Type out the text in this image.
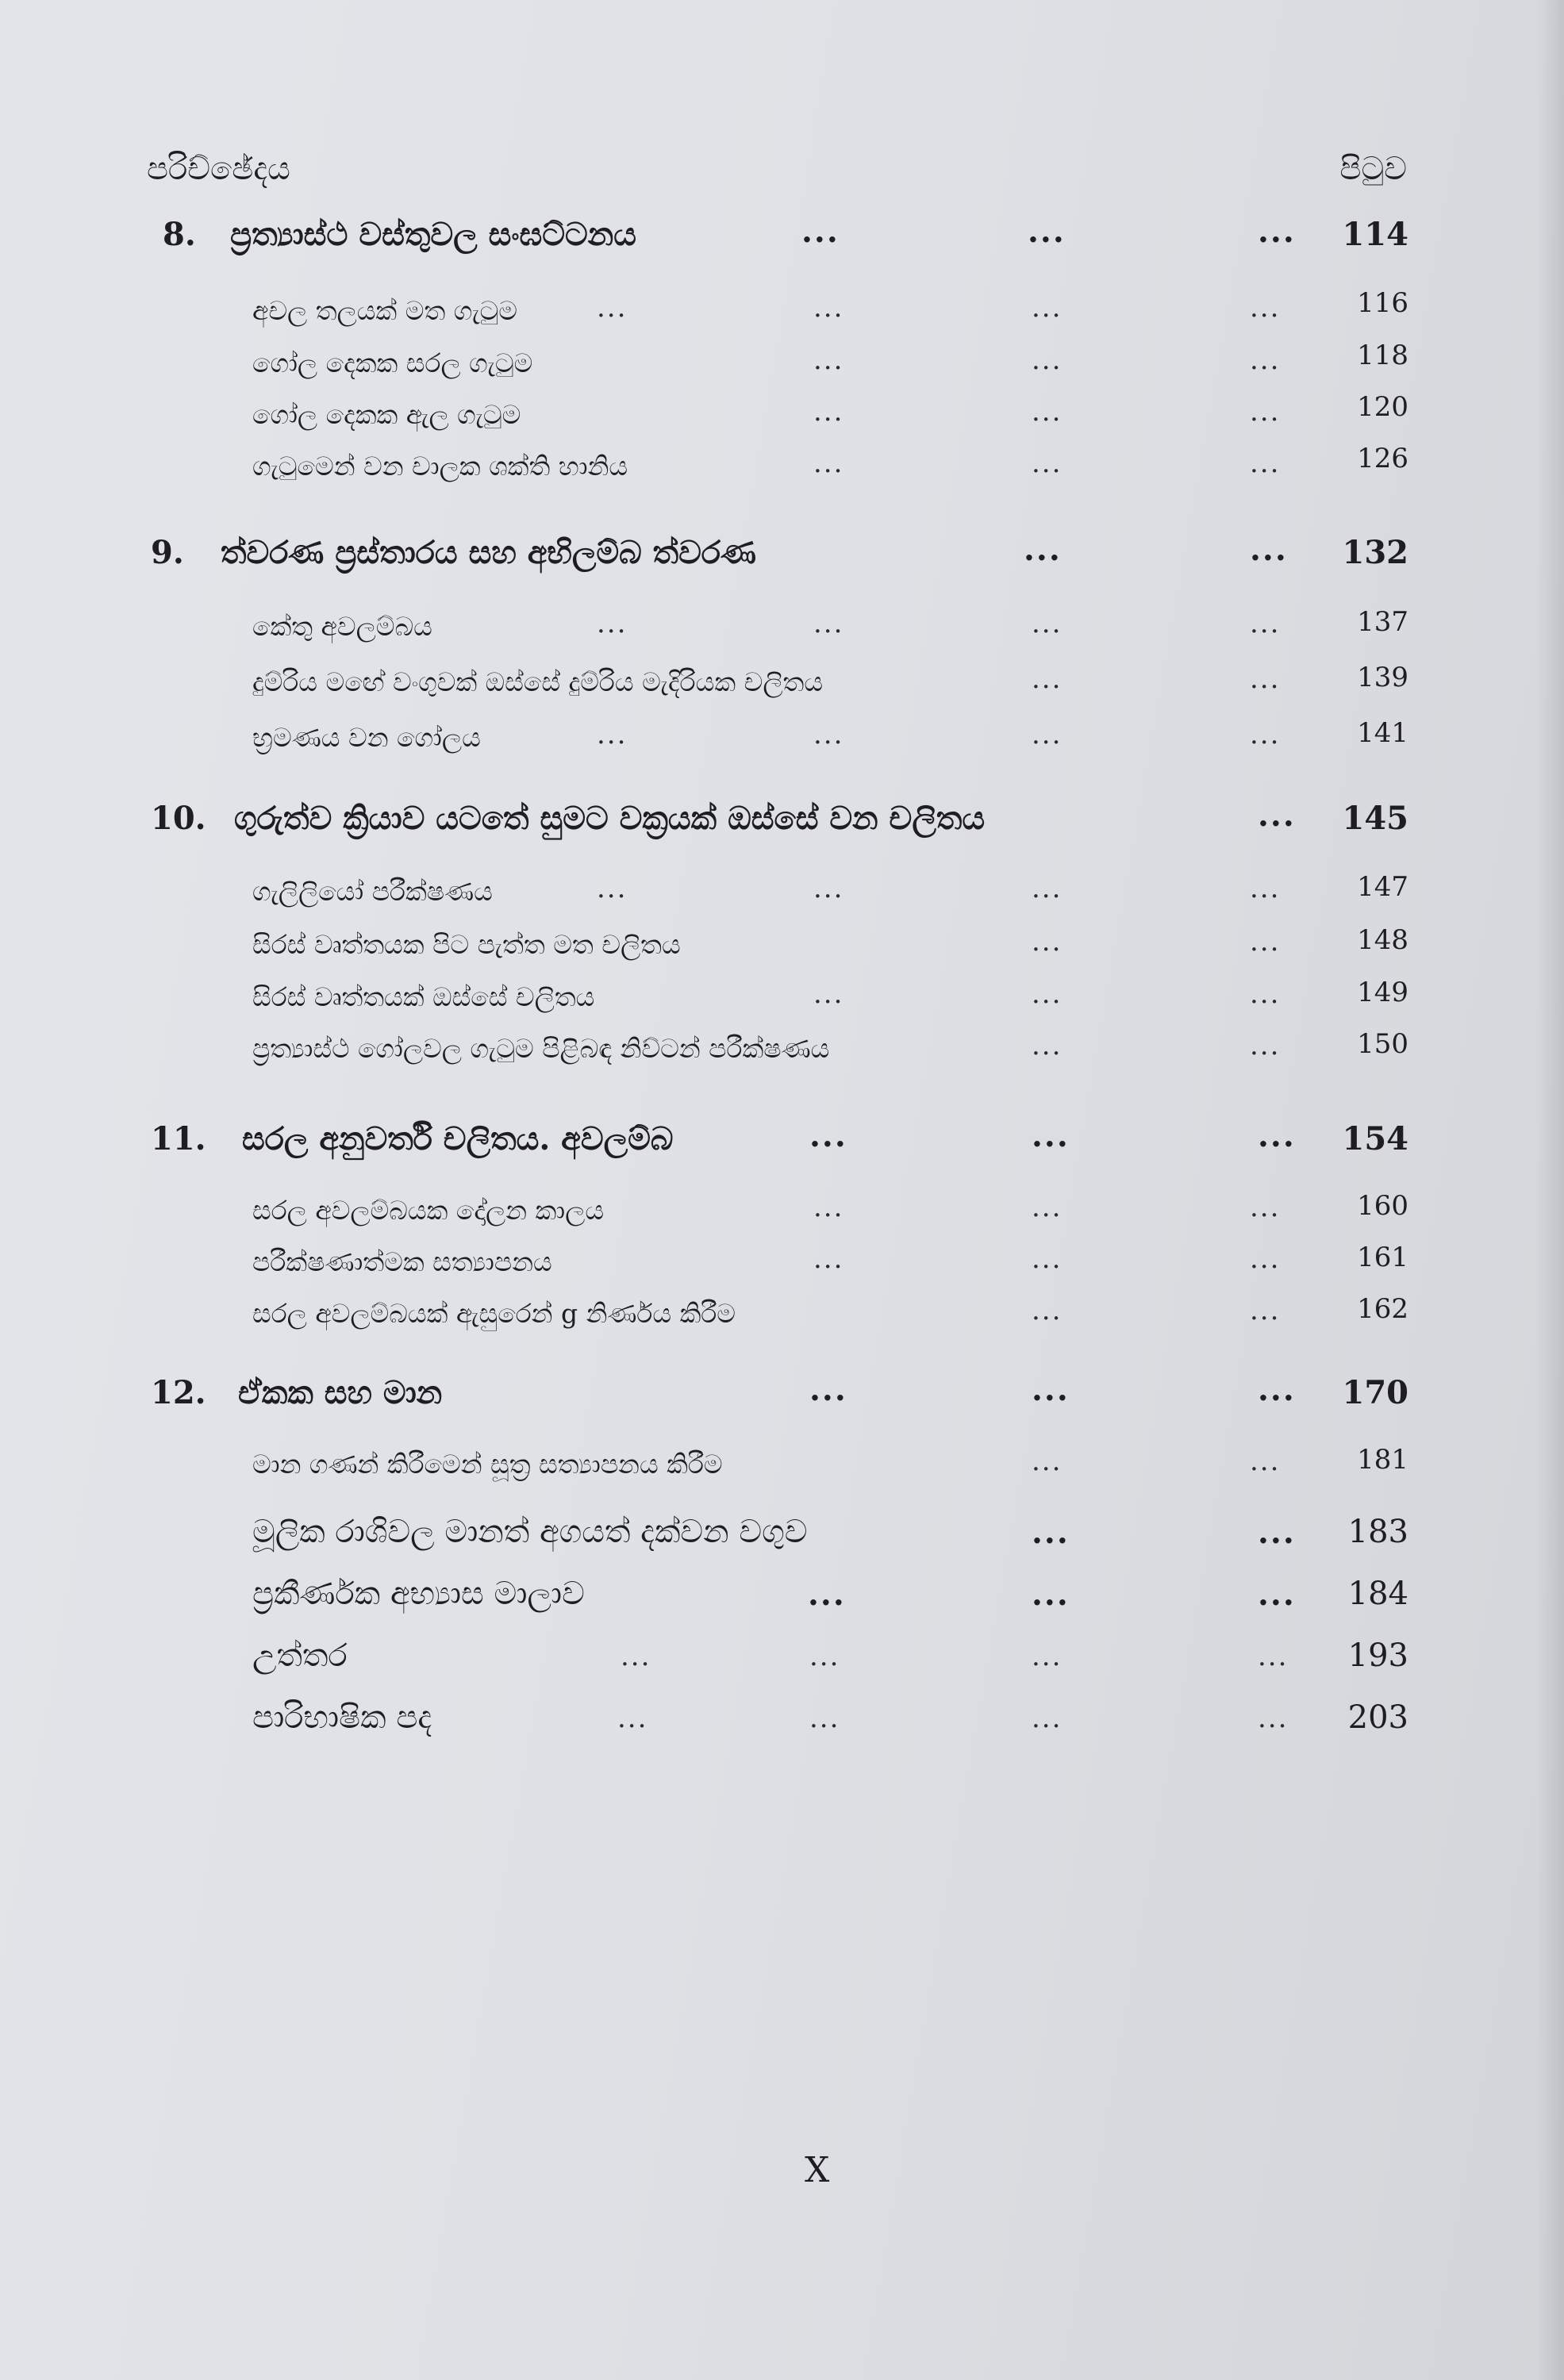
පරිච්ඡේදය	පිටුව
8. ප්‍රත්‍යාස්ථ වස්තුවල සංඝට්ටනය	...	...	...	114
අචල තලයක් මත ගැටුම	...	...	...	...	116
ගෝල දෙකක සරල ගැටුම	...	...	...	118
ගෝල දෙකක ඇල ගැටුම	...	...	...	120
ගැටුමෙන් වන චාලක ශක්ති හානිය	...	...	...	126
9. ත්වරණ ප්‍රස්තාරය සහ අභිලම්බ ත්වරණ	...	...	132
කේතු අවලම්බය	...	...	...	...	137
දුම්රිය මඟේ වංගුවක් ඔස්සේ දුම්රිය මැදිරියක චලිතය	...	...	139
භ්‍රමණය වන ගෝලය	...	...	...	...	141
10. ගුරුත්ව ක්‍රියාව යටතේ සුමට වක්‍රයක් ඔස්සේ වන චලිතය	...	145
ගැලිලියෝ පරීක්ෂණය	...	...	...	...	147
සිරස් වෘත්තයක පිට පැත්ත මත චලිතය	...	...	148
සිරස් වෘත්තයක් ඔස්සේ චලිතය	...	...	...	149
ප්‍රත්‍යාස්ථ ගෝලවල ගැටුම පිළිබඳ නිව්ටන් පරීක්ෂණය	...	...	150
11. සරල අනුවර්ති චලිතය. අවලම්බ	...	...	...	154
සරල අවලම්බයක දෝලන කාලය	...	...	...	160
පරීක්ෂණාත්මක සත්‍යාපනය	...	...	...	161
සරල අවලම්බයක් ඇසුරෙන් g නිර්ණය කිරීම	...	...	162
12. ඒකක සහ මාන	...	...	...	170
මාන ගණන් කිරීමෙන් සූත්‍ර සත්‍යාපනය කිරීම	...	...	181
මූලික රාශිවල මානත් අගයත් දක්වන වගුව	...	...	183
ප්‍රකීර්ණක අභ්‍යාස මාලාව	...	...	...	184
උත්තර	...	...	...	...	193
පාරිභාෂික පද	...	...	...	...	203
X
